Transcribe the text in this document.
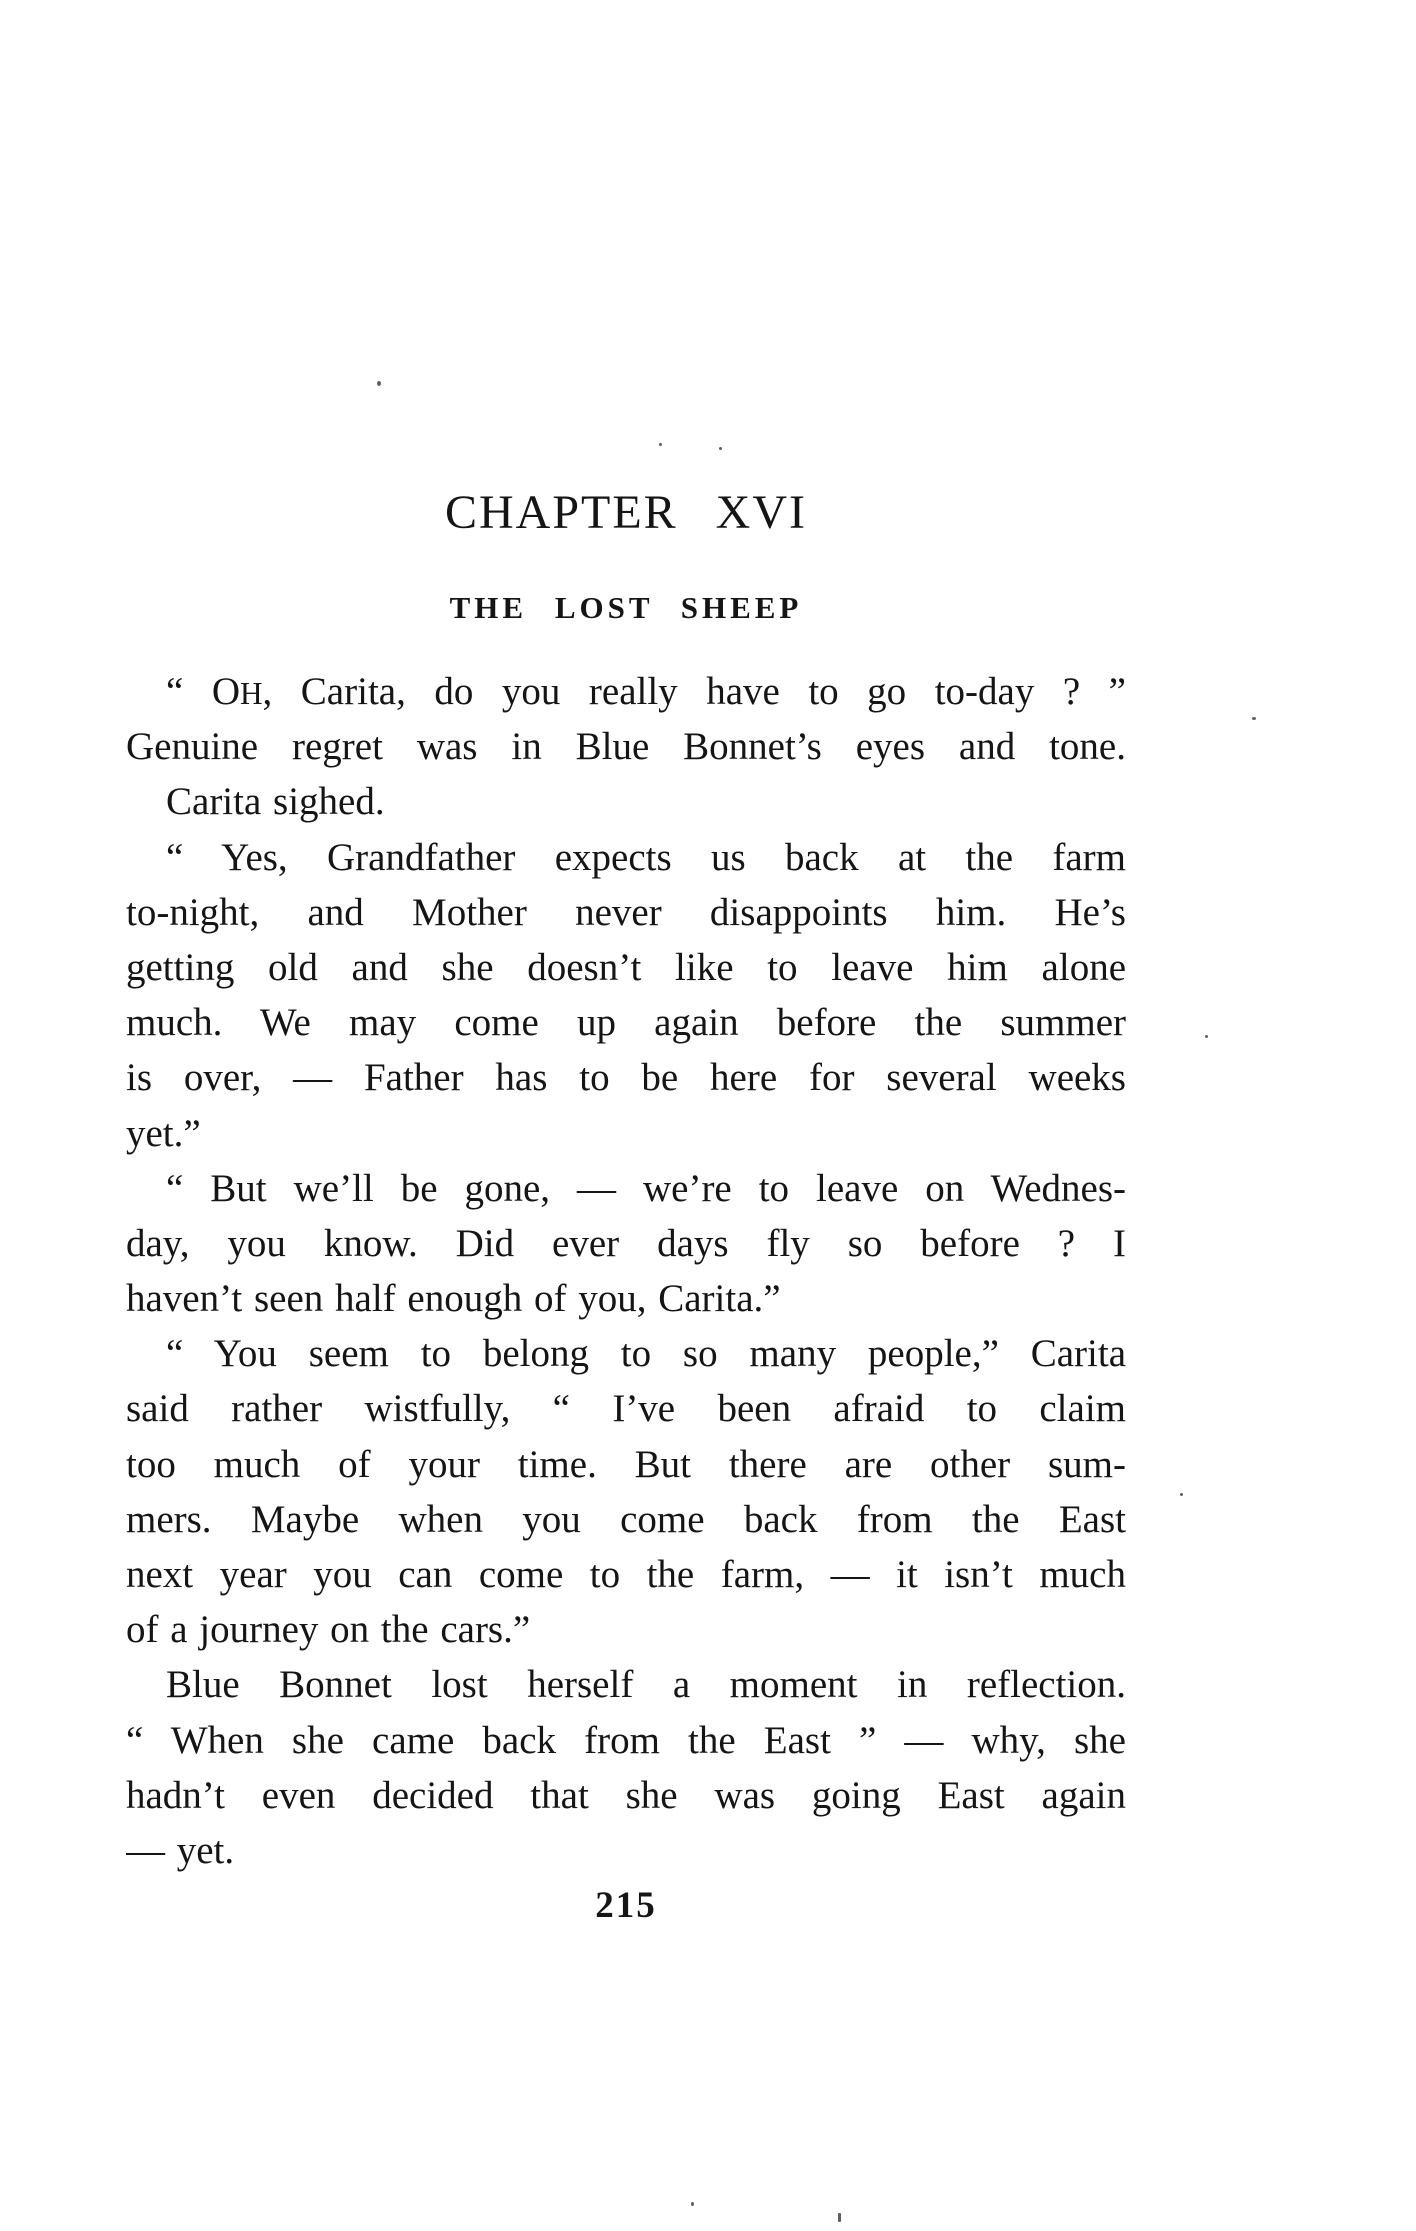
CHAPTER XVI
THE LOST SHEEP
“ OH, Carita, do you really have to go to-day ? ”
Genuine regret was in Blue Bonnet’s eyes and tone.
Carita sighed.
“ Yes, Grandfather expects us back at the farm
to-night, and Mother never disappoints him. He’s
getting old and she doesn’t like to leave him alone
much. We may come up again before the summer
is over, — Father has to be here for several weeks
yet.”
“ But we’ll be gone, — we’re to leave on Wednes-
day, you know. Did ever days fly so before ? I
haven’t seen half enough of you, Carita.”
“ You seem to belong to so many people,” Carita
said rather wistfully, “ I’ve been afraid to claim
too much of your time. But there are other sum-
mers. Maybe when you come back from the East
next year you can come to the farm, — it isn’t much
of a journey on the cars.”
Blue Bonnet lost herself a moment in reflection.
“ When she came back from the East ” — why, she
hadn’t even decided that she was going East again
— yet.
215
